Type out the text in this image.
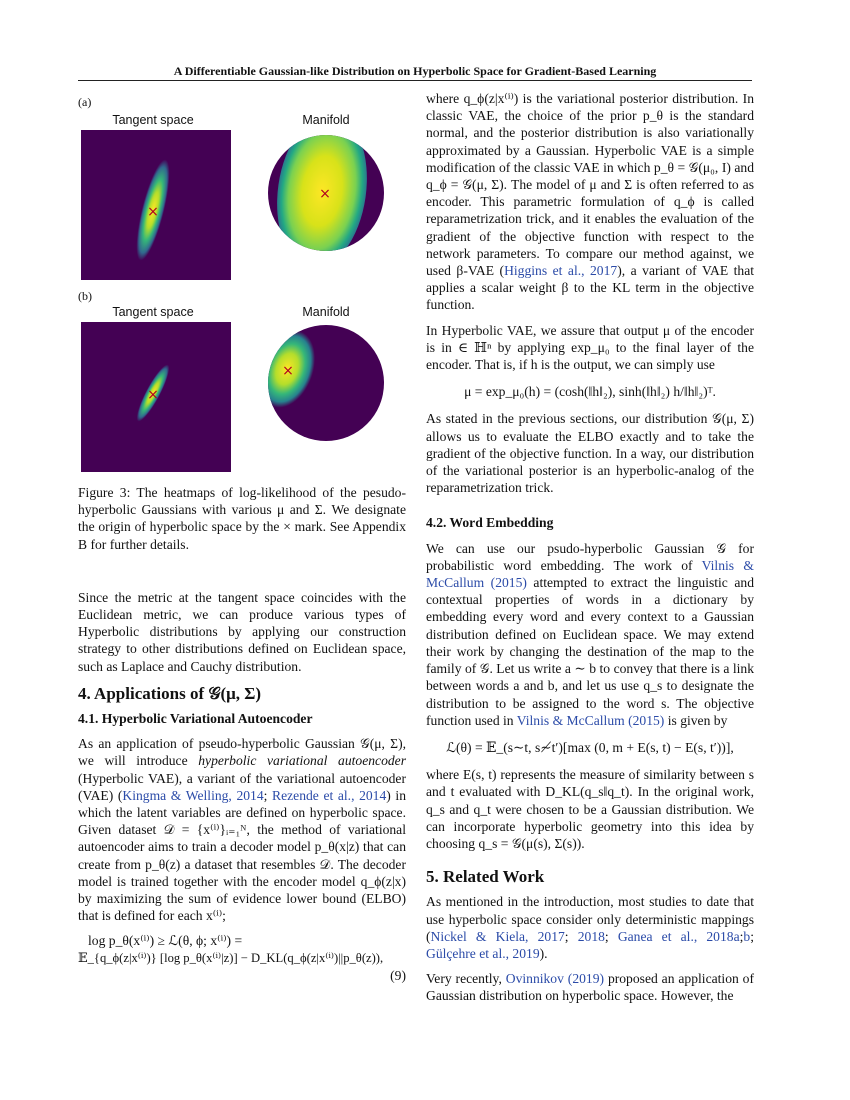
A Differentiable Gaussian-like Distribution on Hyperbolic Space for Gradient-Based Learning
(a)
Tangent space	Manifold
×
×
(b)
Tangent space	Manifold
×
×
Figure 3: The heatmaps of log-likelihood of the pesudo-hyperbolic Gaussians with various μ and Σ. We designate the origin of hyperbolic space by the × mark. See Appendix B for further details.

Since the metric at the tangent space coincides with the Euclidean metric, we can produce various types of Hyperbolic distributions by applying our construction strategy to other distributions defined on Euclidean space, such as Laplace and Cauchy distribution.

4. Applications of 𝒢(μ, Σ)
4.1. Hyperbolic Variational Autoencoder

As an application of pseudo-hyperbolic Gaussian 𝒢(μ, Σ), we will introduce hyperbolic variational autoencoder (Hyperbolic VAE), a variant of the variational autoencoder (VAE) (Kingma & Welling, 2014; Rezende et al., 2014) in which the latent variables are defined on hyperbolic space. Given dataset 𝒟 = {x⁽ⁱ⁾}ᵢ₌₁ᴺ, the method of variational autoencoder aims to train a decoder model p_θ(x|z) that can create from p_θ(z) a dataset that resembles 𝒟. The decoder model is trained together with the encoder model q_ϕ(z|x) by maximizing the sum of evidence lower bound (ELBO) that is defined for each x⁽ⁱ⁾;

log p_θ(x⁽ⁱ⁾) ≥ ℒ(θ, ϕ; x⁽ⁱ⁾) =
𝔼_{q_ϕ(z|x⁽ⁱ⁾)} [log p_θ(x⁽ⁱ⁾|z)] − D_KL(q_ϕ(z|x⁽ⁱ⁾)||p_θ(z)),
(9)

where q_ϕ(z|x⁽ⁱ⁾) is the variational posterior distribution. In classic VAE, the choice of the prior p_θ is the standard normal, and the posterior distribution is also variationally approximated by a Gaussian. Hyperbolic VAE is a simple modification of the classic VAE in which p_θ = 𝒢(μ₀, I) and q_ϕ = 𝒢(μ, Σ). The model of μ and Σ is often referred to as encoder. This parametric formulation of q_ϕ is called reparametrization trick, and it enables the evaluation of the gradient of the objective function with respect to the network parameters. To compare our method against, we used β-VAE (Higgins et al., 2017), a variant of VAE that applies a scalar weight β to the KL term in the objective function.

In Hyperbolic VAE, we assure that output μ of the encoder is in ∈ ℍⁿ by applying exp_μ₀ to the final layer of the encoder. That is, if h is the output, we can simply use

μ = exp_μ₀(h) = (cosh(‖h‖₂), sinh(‖h‖₂) h/‖h‖₂)ᵀ.

As stated in the previous sections, our distribution 𝒢(μ, Σ) allows us to evaluate the ELBO exactly and to take the gradient of the objective function. In a way, our distribution of the variational posterior is an hyperbolic-analog of the reparametrization trick.

4.2. Word Embedding

We can use our psudo-hyperbolic Gaussian 𝒢 for probabilistic word embedding. The work of Vilnis & McCallum (2015) attempted to extract the linguistic and contextual properties of words in a dictionary by embedding every word and every context to a Gaussian distribution defined on Euclidean space. We may extend their work by changing the destination of the map to the family of 𝒢. Let us write a ∼ b to convey that there is a link between words a and b, and let us use q_s to designate the distribution to be assigned to the word s. The objective function used in Vilnis & McCallum (2015) is given by

ℒ(θ) = 𝔼_(s∼t, s≁t′)[max (0, m + E(s, t) − E(s, t′))],

where E(s, t) represents the measure of similarity between s and t evaluated with D_KL(q_s‖q_t). In the original work, q_s and q_t were chosen to be a Gaussian distribution. We can incorporate hyperbolic geometry into this idea by choosing q_s = 𝒢(μ(s), Σ(s)).

5. Related Work

As mentioned in the introduction, most studies to date that use hyperbolic space consider only deterministic mappings (Nickel & Kiela, 2017; 2018; Ganea et al., 2018a;b; Gülçehre et al., 2019).

Very recently, Ovinnikov (2019) proposed an application of Gaussian distribution on hyperbolic space. However, the
